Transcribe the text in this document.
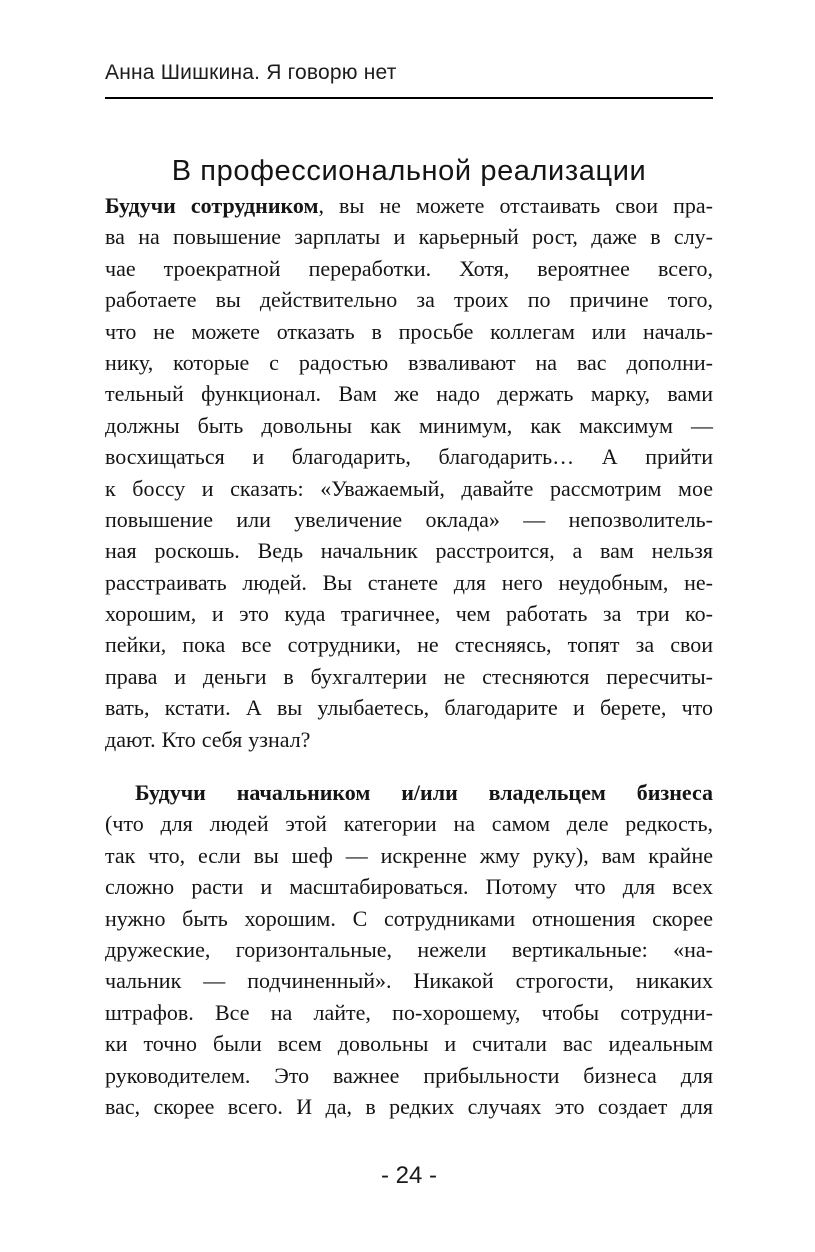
Анна Шишкина. Я говорю нет
В профессиональной реализации
Будучи сотрудником, вы не можете отстаивать свои пра-
ва на повышение зарплаты и карьерный рост, даже в слу-
чае троекратной переработки. Хотя, вероятнее всего,
работаете вы действительно за троих по причине того,
что не можете отказать в просьбе коллегам или началь-
нику, которые с радостью взваливают на вас дополни-
тельный функционал. Вам же надо держать марку, вами
должны быть довольны как минимум, как максимум —
восхищаться и благодарить, благодарить… А прийти
к боссу и сказать: «Уважаемый, давайте рассмотрим мое
повышение или увеличение оклада» — непозволитель-
ная роскошь. Ведь начальник расстроится, а вам нельзя
расстраивать людей. Вы станете для него неудобным, не-
хорошим, и это куда трагичнее, чем работать за три ко-
пейки, пока все сотрудники, не стесняясь, топят за свои
права и деньги в бухгалтерии не стесняются пересчиты-
вать, кстати. А вы улыбаетесь, благодарите и берете, что
дают. Кто себя узнал?
Будучи начальником и/или владельцем бизнеса
(что для людей этой категории на самом деле редкость,
так что, если вы шеф — искренне жму руку), вам крайне
сложно расти и масштабироваться. Потому что для всех
нужно быть хорошим. С сотрудниками отношения скорее
дружеские, горизонтальные, нежели вертикальные: «на-
чальник — подчиненный». Никакой строгости, никаких
штрафов. Все на лайте, по-хорошему, чтобы сотрудни-
ки точно были всем довольны и считали вас идеальным
руководителем. Это важнее прибыльности бизнеса для
вас, скорее всего. И да, в редких случаях это создает для
- 24 -
